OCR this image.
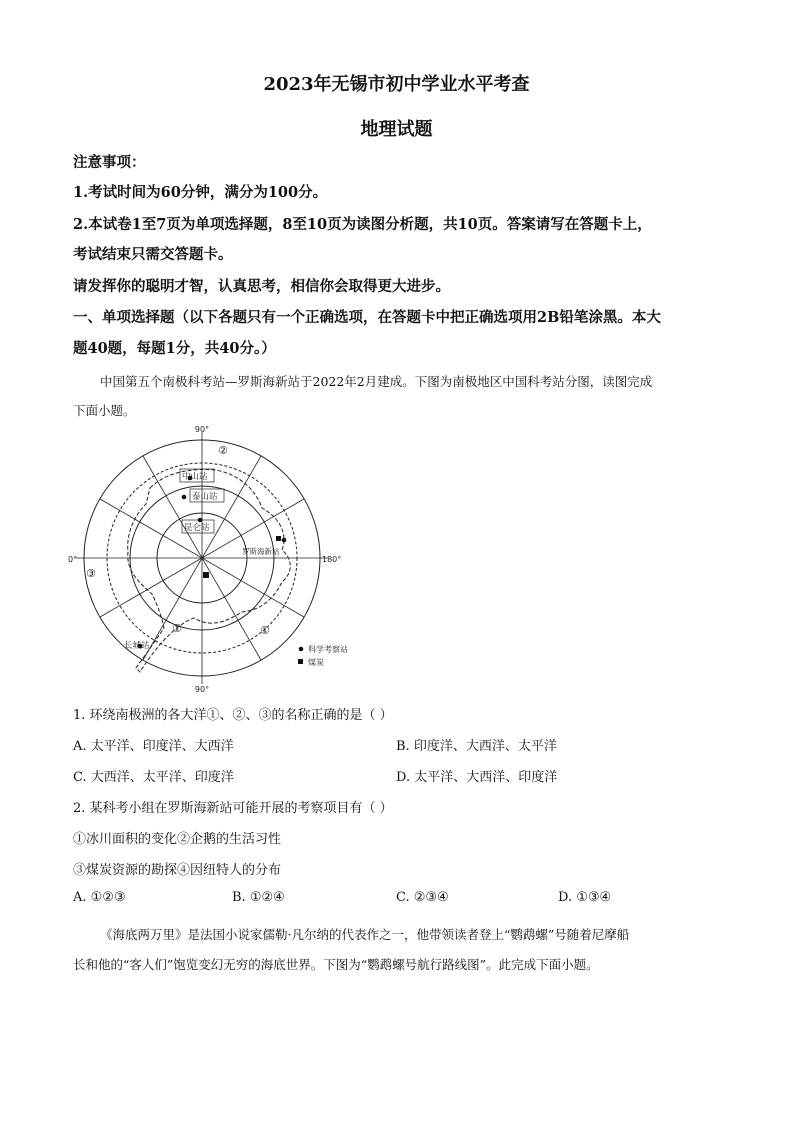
2023年无锡市初中学业水平考查
地理试题
注意事项：
1.考试时间为60分钟，满分为100分。
2.本试卷1至7页为单项选择题，8至10页为读图分析题，共10页。答案请写在答题卡上，
考试结束只需交答题卡。
请发挥你的聪明才智，认真思考，相信你会取得更大进步。
一、单项选择题（以下各题只有一个正确选项，在答题卡中把正确选项用2B铅笔涂黑。本大
题40题，每题1分，共40分。）
中国第五个南极科考站—罗斯海新站于2022年2月建成。下图为南极地区中国科考站分图，读图完成
下面小题。
90°
0°	180°
90°
②
③
①
①
中山站
泰山站
昆仑站
罗斯海新站
长城站	科学考察站
煤炭
1. 环绕南极洲的各大洋①、②、③的名称正确的是（ ）
A. 太平洋、印度洋、大西洋	B. 印度洋、大西洋、太平洋
C. 大西洋、太平洋、印度洋	D. 太平洋、大西洋、印度洋
2. 某科考小组在罗斯海新站可能开展的考察项目有（ ）
①冰川面积的变化②企鹅的生活习性
③煤炭资源的勘探④因纽特人的分布
A. ①②③	B. ①②④	C. ②③④	D. ①③④
《海底两万里》是法国小说家儒勒·凡尔纳的代表作之一，他带领读者登上“鹦鹉螺”号随着尼摩船
长和他的“客人们”饱览变幻无穷的海底世界。下图为“鹦鹉螺号航行路线图”。此完成下面小题。
